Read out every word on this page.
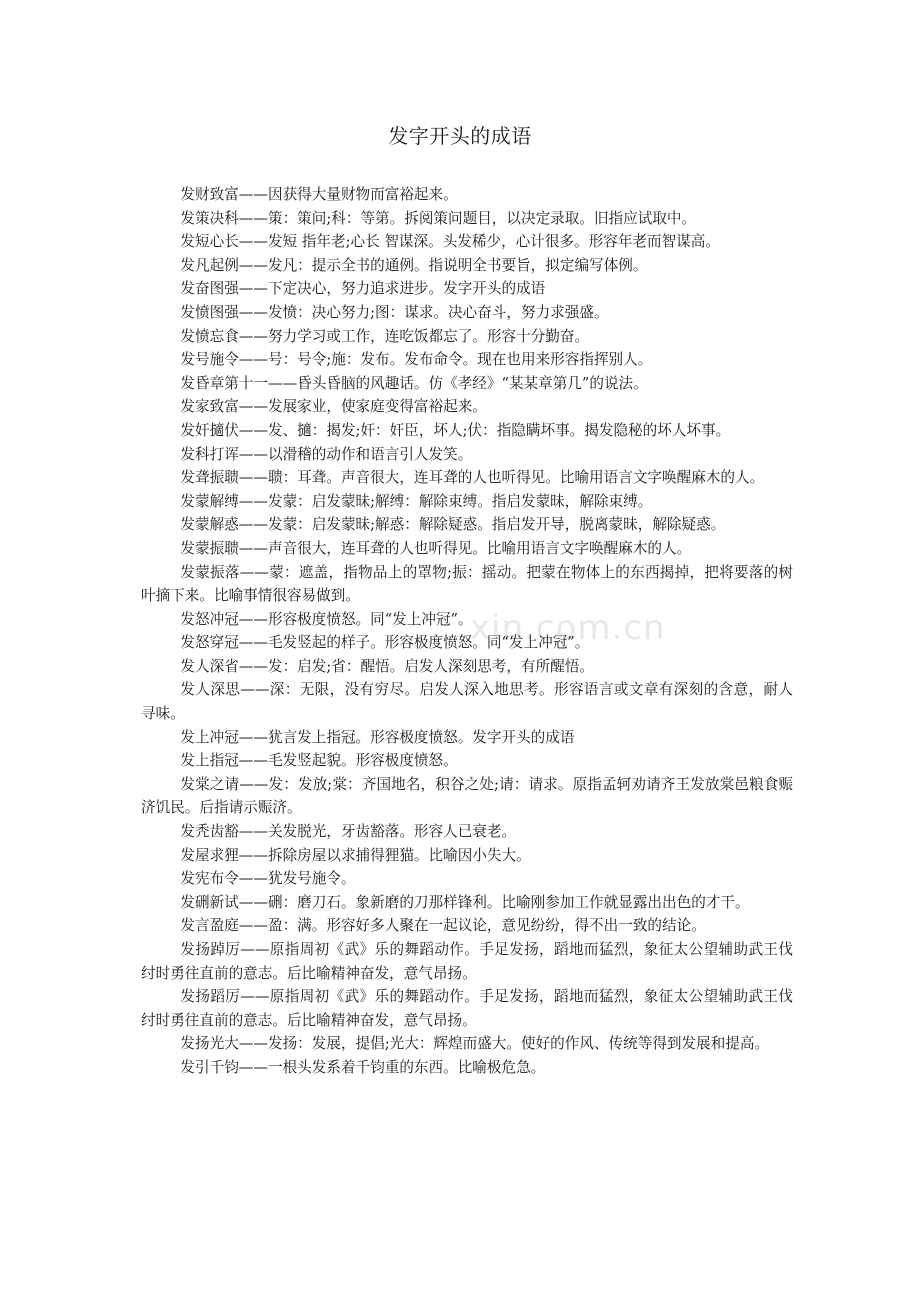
xin.com.cn
发字开头的成语

发财致富——因获得大量财物而富裕起来。

发策决科——策：策问;科：等第。拆阅策问题目，以决定录取。旧指应试取中。

发短心长——发短 指年老;心长 智谋深。头发稀少，心计很多。形容年老而智谋高。

发凡起例——发凡：提示全书的通例。指说明全书要旨，拟定编写体例。

发奋图强——下定决心，努力追求进步。发字开头的成语

发愤图强——发愤：决心努力;图：谋求。决心奋斗，努力求强盛。

发愤忘食——努力学习或工作，连吃饭都忘了。形容十分勤奋。

发号施令——号：号令;施：发布。发布命令。现在也用来形容指挥别人。

发昏章第十一——昏头昏脑的风趣话。仿《孝经》“某某章第几”的说法。

发家致富——发展家业，使家庭变得富裕起来。

发奸擿伏——发、擿：揭发;奸：奸臣，坏人;伏：指隐瞒坏事。揭发隐秘的坏人坏事。

发科打诨——以滑稽的动作和语言引人发笑。

发聋振聩——聩：耳聋。声音很大，连耳聋的人也听得见。比喻用语言文字唤醒麻木的人。

发蒙解缚——发蒙：启发蒙昧;解缚：解除束缚。指启发蒙昧，解除束缚。

发蒙解惑——发蒙：启发蒙昧;解惑：解除疑惑。指启发开导，脱离蒙昧，解除疑惑。

发蒙振聩——声音很大，连耳聋的人也听得见。比喻用语言文字唤醒麻木的人。

发蒙振落——蒙：遮盖，指物品上的罩物;振：摇动。把蒙在物体上的东西揭掉，把将要落的树叶摘下来。比喻事情很容易做到。

发怒冲冠——形容极度愤怒。同“发上冲冠”。

发怒穿冠——毛发竖起的样子。形容极度愤怒。同“发上冲冠”。

发人深省——发：启发;省：醒悟。启发人深刻思考，有所醒悟。

发人深思——深：无限，没有穷尽。启发人深入地思考。形容语言或文章有深刻的含意，耐人寻味。

发上冲冠——犹言发上指冠。形容极度愤怒。发字开头的成语

发上指冠——毛发竖起貌。形容极度愤怒。

发棠之请——发：发放;棠：齐国地名，积谷之处;请：请求。原指孟轲劝请齐王发放棠邑粮食赈济饥民。后指请示赈济。

发秃齿豁——关发脱光，牙齿豁落。形容人已衰老。

发屋求狸——拆除房屋以求捕得狸猫。比喻因小失大。

发宪布令——犹发号施令。

发硎新试——硎：磨刀石。象新磨的刀那样锋利。比喻刚参加工作就显露出出色的才干。

发言盈庭——盈：满。形容好多人聚在一起议论，意见纷纷，得不出一致的结论。

发扬踔厉——原指周初《武》乐的舞蹈动作。手足发扬，蹈地而猛烈，象征太公望辅助武王伐纣时勇往直前的意志。后比喻精神奋发，意气昂扬。

发扬蹈厉——原指周初《武》乐的舞蹈动作。手足发扬，蹈地而猛烈，象征太公望辅助武王伐纣时勇往直前的意志。后比喻精神奋发，意气昂扬。

发扬光大——发扬：发展，提倡;光大：辉煌而盛大。使好的作风、传统等得到发展和提高。

发引千钧——一根头发系着千钧重的东西。比喻极危急。
